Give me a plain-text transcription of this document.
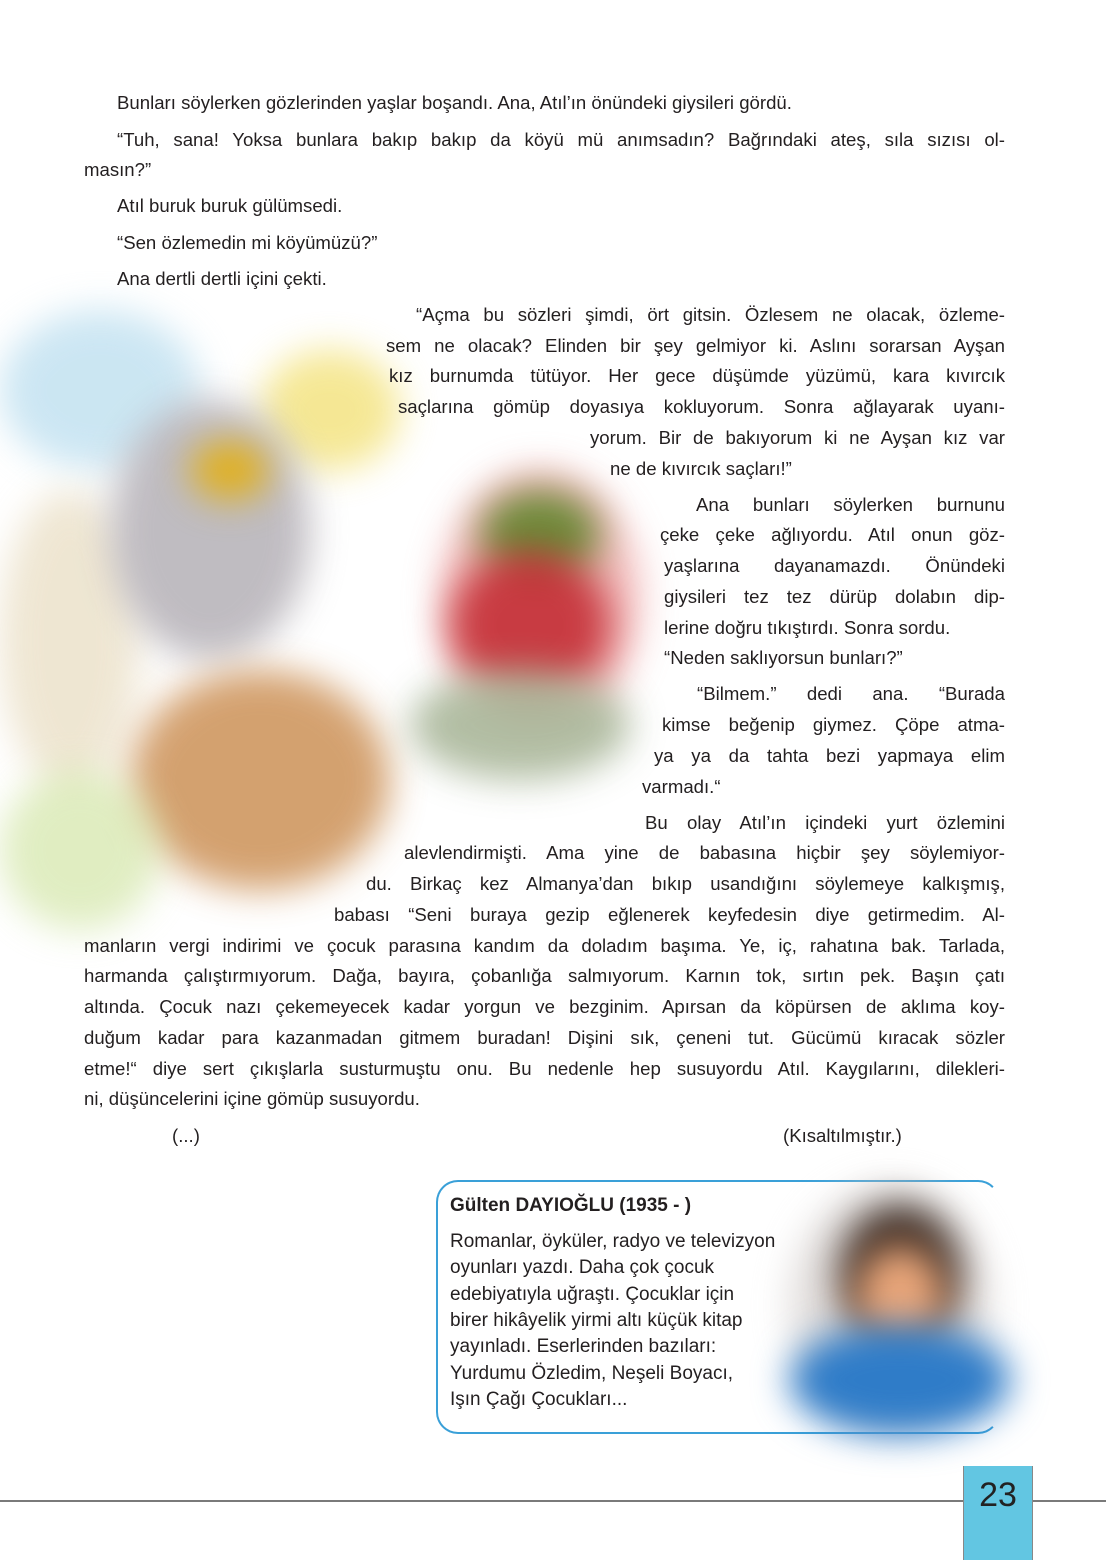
Bunları söylerken gözlerinden yaşlar boşandı. Ana, Atıl’ın önündeki giysileri gördü.
“Tuh, sana! Yoksa bunlara bakıp bakıp da köyü mü anımsadın? Bağrındaki ateş, sıla sızısı ol-
masın?”
Atıl buruk buruk gülümsedi.
“Sen özlemedin mi köyümüzü?”
Ana dertli dertli içini çekti.
“Açma bu sözleri şimdi, ört gitsin. Özlesem ne olacak, özleme-
sem ne olacak? Elinden bir şey gelmiyor ki. Aslını sorarsan Ayşan
kız burnumda tütüyor. Her gece düşümde yüzümü, kara kıvırcık
saçlarına gömüp doyasıya kokluyorum. Sonra ağlayarak uyanı-
yorum. Bir de bakıyorum ki ne Ayşan kız var
ne de kıvırcık saçları!”
Ana bunları söylerken burnunu
çeke çeke ağlıyordu. Atıl onun göz-
yaşlarına dayanamazdı. Önündeki
giysileri tez tez dürüp dolabın dip-
lerine doğru tıkıştırdı. Sonra sordu.
“Neden saklıyorsun bunları?”
“Bilmem.” dedi ana. “Burada
kimse beğenip giymez. Çöpe atma-
ya ya da tahta bezi yapmaya elim
varmadı.“
Bu olay Atıl’ın içindeki yurt özlemini
alevlendirmişti. Ama yine de babasına hiçbir şey söylemiyor-
du. Birkaç kez Almanya’dan bıkıp usandığını söylemeye kalkışmış,
babası “Seni buraya gezip eğlenerek keyfedesin diye getirmedim. Al-
manların vergi indirimi ve çocuk parasına kandım da doladım başıma. Ye, iç, rahatına bak. Tarlada,
harmanda çalıştırmıyorum. Dağa, bayıra, çobanlığa salmıyorum. Karnın tok, sırtın pek. Başın çatı
altında. Çocuk nazı çekemeyecek kadar yorgun ve bezginim. Apırsan da köpürsen de aklıma koy-
duğum kadar para kazanmadan gitmem buradan! Dişini sık, çeneni tut. Gücümü kıracak sözler
etme!“ diye sert çıkışlarla susturmuştu onu. Bu nedenle hep susuyordu Atıl. Kaygılarını, dilekleri-
ni, düşüncelerini içine gömüp susuyordu.
(...)	(Kısaltılmıştır.)
Gülten DAYIOĞLU (1935 - )
Romanlar, öyküler, radyo ve televizyon
oyunları yazdı. Daha çok çocuk
edebiyatıyla uğraştı. Çocuklar için
birer hikâyelik yirmi altı küçük kitap
yayınladı. Eserlerinden bazıları:
Yurdumu Özledim, Neşeli Boyacı,
Işın Çağı Çocukları...
23
